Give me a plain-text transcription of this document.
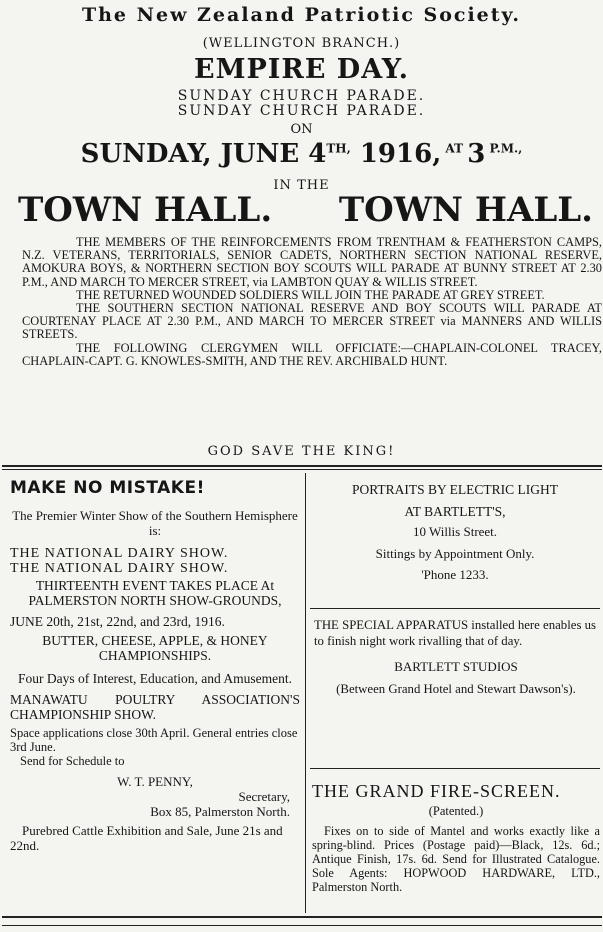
The New Zealand Patriotic Society.
(WELLINGTON BRANCH.)
EMPIRE DAY.
SUNDAY CHURCH PARADE.
SUNDAY CHURCH PARADE.
ON
SUNDAY, JUNE $4^{TH,}$ 1916, $^{AT}$ 3 $^{P.M.,}$
IN THE
TOWN HALL. TOWN HALL.

THE MEMBERS OF THE REINFORCEMENTS FROM TRENTHAM & FEATHERSTON CAMPS, N.Z. VETERANS, TERRITORIALS, SENIOR CADETS, NORTHERN SECTION NATIONAL RESERVE, AMOKURA BOYS, & NORTHERN SECTION BOY SCOUTS WILL PARADE AT BUNNY STREET AT 2.30 P.M., AND MARCH TO MERCER STREET, via LAMBTON QUAY & WILLIS STREET.

THE RETURNED WOUNDED SOLDIERS WILL JOIN THE PARADE AT GREY STREET.

THE SOUTHERN SECTION NATIONAL RESERVE AND BOY SCOUTS WILL PARADE AT COURTENAY PLACE AT 2.30 P.M., AND MARCH TO MERCER STREET via MANNERS AND WILLIS STREETS.

THE FOLLOWING CLERGYMEN WILL OFFICIATE:—CHAPLAIN-COLONEL TRACEY, CHAPLAIN-CAPT. G. KNOWLES-SMITH, AND THE REV. ARCHIBALD HUNT.

GOD SAVE THE KING!
MAKE NO MISTAKE!
The Premier Winter Show of the Southern Hemisphere is:
THE NATIONAL DAIRY SHOW.
THE NATIONAL DAIRY SHOW.
THIRTEENTH EVENT TAKES PLACE At PALMERSTON NORTH SHOW-GROUNDS,
JUNE 20th, 21st, 22nd, and 23rd, 1916.
BUTTER, CHEESE, APPLE, & HONEY CHAMPIONSHIPS.
Four Days of Interest, Education, and Amusement.
MANAWATU POULTRY ASSOCIATION'S CHAMPIONSHIP SHOW.
Space applications close 30th April. General entries close 3rd June.
Send for Schedule to
W. T. PENNY,
Secretary,
Box 85, Palmerston North.
Purebred Cattle Exhibition and Sale, June 21s and 22nd.
PORTRAITS BY ELECTRIC LIGHT
AT BARTLETT'S,
10 Willis Street.
Sittings by Appointment Only.
'Phone 1233.
THE SPECIAL APPARATUS installed here enables us to finish night work rivalling that of day.
BARTLETT STUDIOS
(Between Grand Hotel and Stewart Dawson's).
THE GRAND FIRE-SCREEN.
(Patented.)
Fixes on to side of Mantel and works exactly like a spring-blind. Prices (Postage paid)—Black, 12s. 6d.; Antique Finish, 17s. 6d. Send for Illustrated Catalogue. Sole Agents: HOPWOOD HARDWARE, LTD., Palmerston North.
